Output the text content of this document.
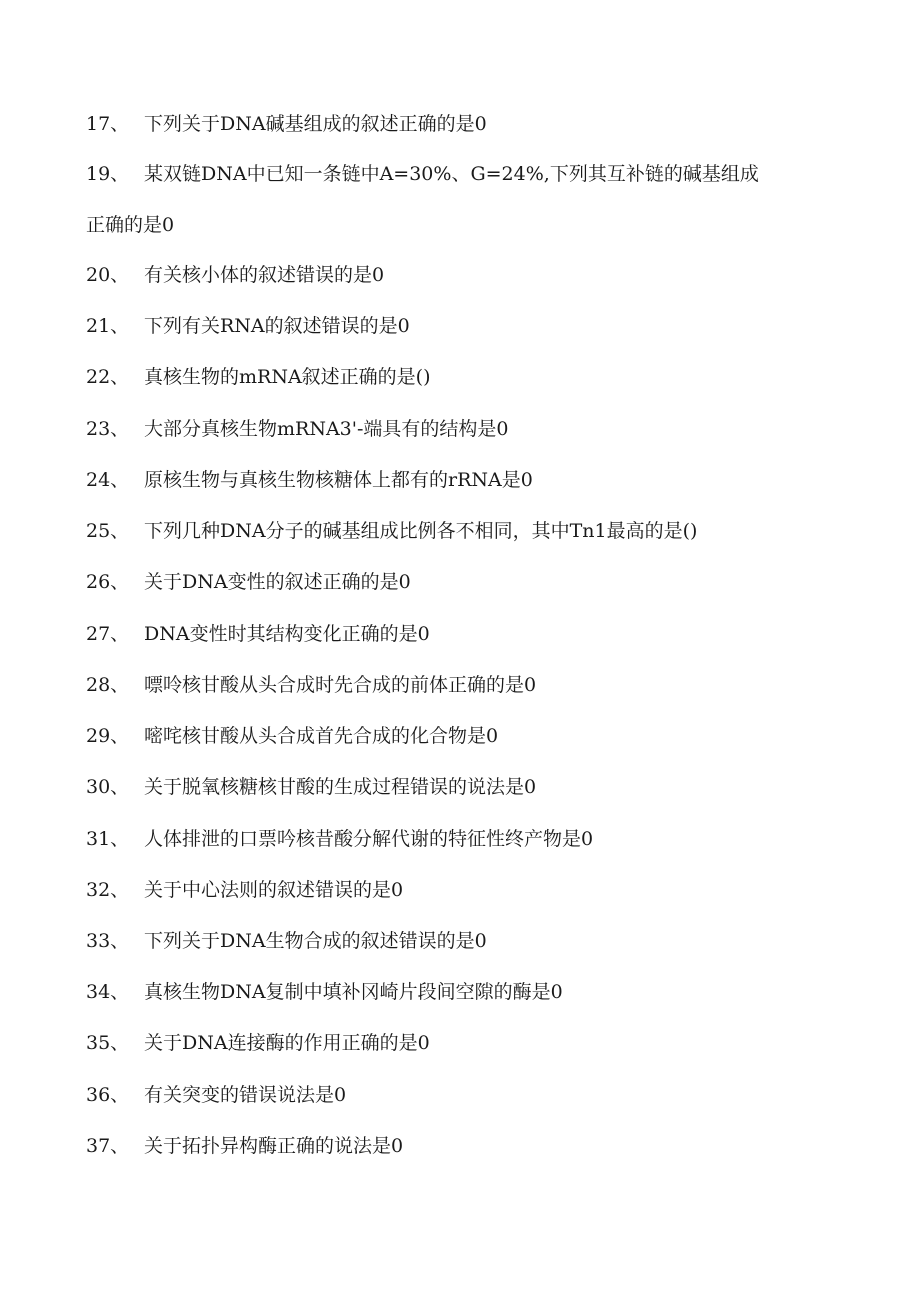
17、 下列关于DNA碱基组成的叙述正确的是0
19、 某双链DNA中已知一条链中A=30%、G=24%,下列其互补链的碱基组成
正确的是0
20、 有关核小体的叙述错误的是0
21、 下列有关RNA的叙述错误的是0
22、 真核生物的mRNA叙述正确的是()
23、 大部分真核生物mRNA3'-端具有的结构是0
24、 原核生物与真核生物核糖体上都有的rRNA是0
25、 下列几种DNA分子的碱基组成比例各不相同，其中Tn1最高的是()
26、 关于DNA变性的叙述正确的是0
27、 DNA变性时其结构变化正确的是0
28、 嘌呤核甘酸从头合成时先合成的前体正确的是0
29、 嘧咤核甘酸从头合成首先合成的化合物是0
30、 关于脱氧核糖核甘酸的生成过程错误的说法是0
31、 人体排泄的口票吟核昔酸分解代谢的特征性终产物是0
32、 关于中心法则的叙述错误的是0
33、 下列关于DNA生物合成的叙述错误的是0
34、 真核生物DNA复制中填补冈崎片段间空隙的酶是0
35、 关于DNA连接酶的作用正确的是0
36、 有关突变的错误说法是0
37、 关于拓扑异构酶正确的说法是0
